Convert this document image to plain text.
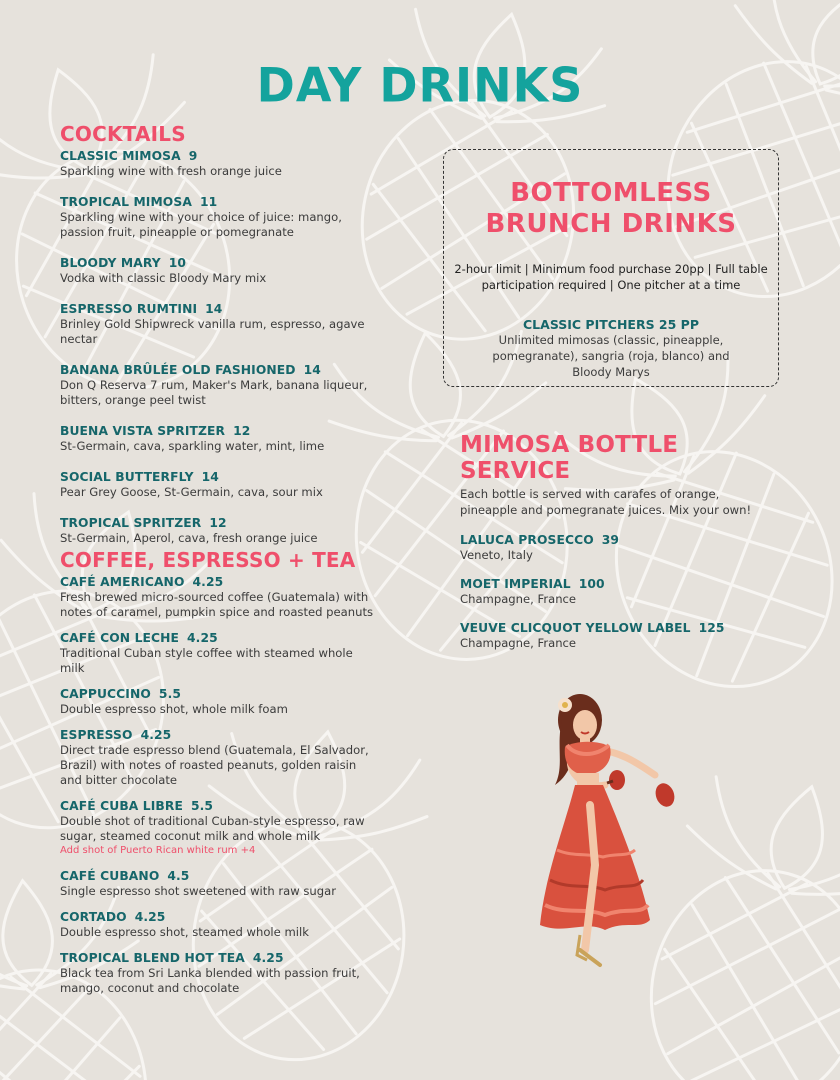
DAY DRINKS
COCKTAILS
CLASSIC MIMOSA 9
Sparkling wine with fresh orange juice
TROPICAL MIMOSA 11
Sparkling wine with your choice of juice: mango, passion fruit, pineapple or pomegranate
BLOODY MARY 10
Vodka with classic Bloody Mary mix
ESPRESSO RUMTINI 14
Brinley Gold Shipwreck vanilla rum, espresso, agave nectar
BANANA BRÛLÉE OLD FASHIONED 14
Don Q Reserva 7 rum, Maker's Mark, banana liqueur, bitters, orange peel twist
BUENA VISTA SPRITZER 12
St-Germain, cava, sparkling water, mint, lime
SOCIAL BUTTERFLY 14
Pear Grey Goose, St-Germain, cava, sour mix
TROPICAL SPRITZER 12
St-Germain, Aperol, cava, fresh orange juice
COFFEE, ESPRESSO + TEA
CAFÉ AMERICANO 4.25
Fresh brewed micro-sourced coffee (Guatemala) with notes of caramel, pumpkin spice and roasted peanuts
CAFÉ CON LECHE 4.25
Traditional Cuban style coffee with steamed whole milk
CAPPUCCINO 5.5
Double espresso shot, whole milk foam
ESPRESSO 4.25
Direct trade espresso blend (Guatemala, El Salvador, Brazil) with notes of roasted peanuts, golden raisin and bitter chocolate
CAFÉ CUBA LIBRE 5.5
Double shot of traditional Cuban-style espresso, raw sugar, steamed coconut milk and whole milk
Add shot of Puerto Rican white rum +4
CAFÉ CUBANO 4.5
Single espresso shot sweetened with raw sugar
CORTADO 4.25
Double espresso shot, steamed whole milk
TROPICAL BLEND HOT TEA 4.25
Black tea from Sri Lanka blended with passion fruit, mango, coconut and chocolate
BOTTOMLESS
BRUNCH DRINKS
2-hour limit | Minimum food purchase 20pp | Full table participation required | One pitcher at a time
CLASSIC PITCHERS 25 PP
Unlimited mimosas (classic, pineapple, pomegranate), sangria (roja, blanco) and Bloody Marys
MIMOSA BOTTLE SERVICE
Each bottle is served with carafes of orange, pineapple and pomegranate juices. Mix your own!
LALUCA PROSECCO 39
Veneto, Italy
MOET IMPERIAL 100
Champagne, France
VEUVE CLICQUOT YELLOW LABEL 125
Champagne, France
